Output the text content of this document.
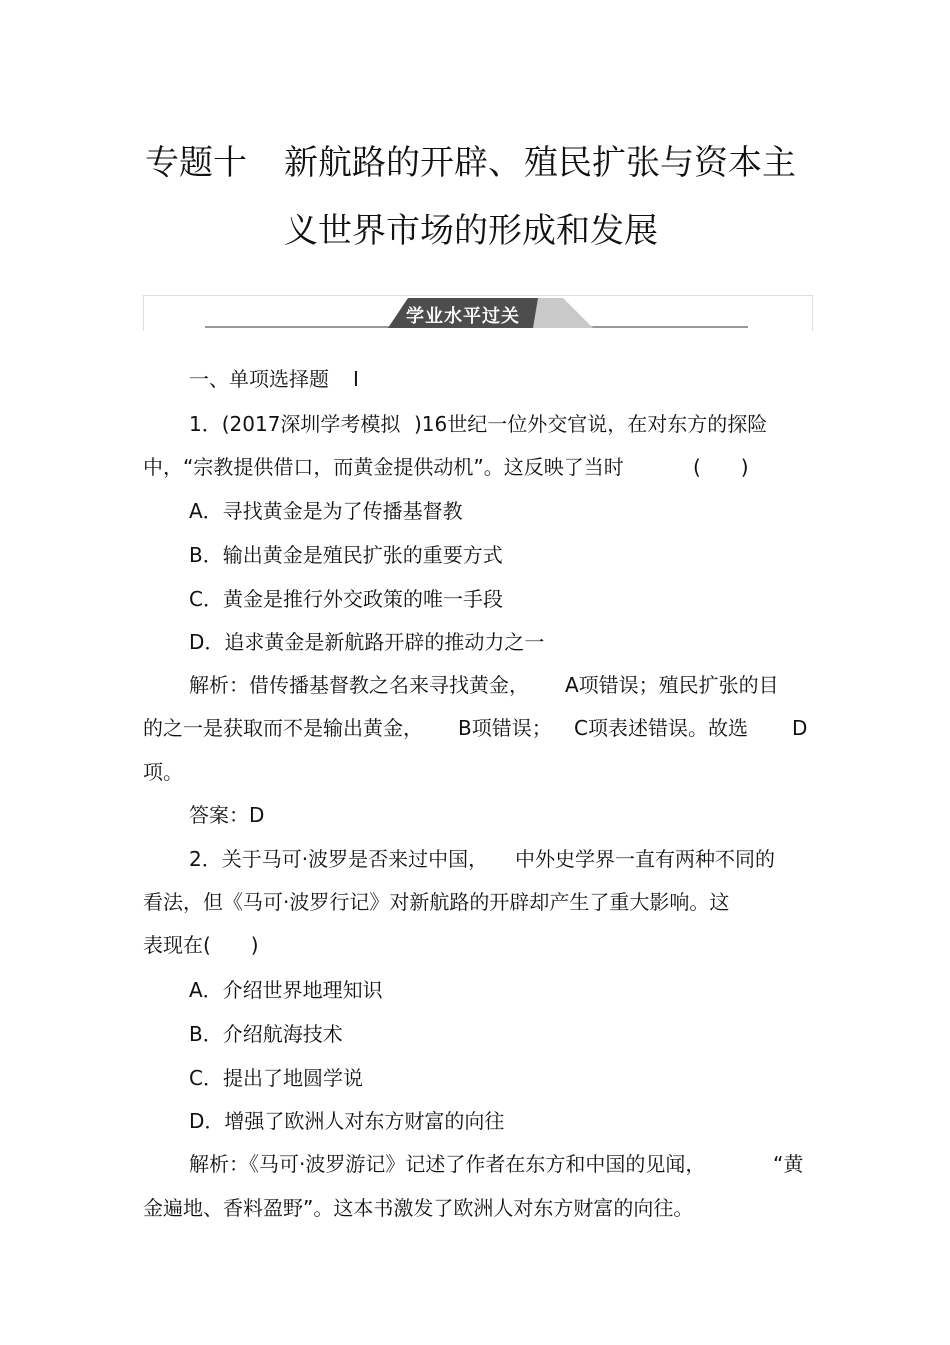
专题十 新航路的开辟、 殖民扩张与资本主
义世界市场的形成和发展
学业水平过关
一、单项选择题 Ⅰ
1．(2017深圳学考模拟 )16世纪一位外交官说，在对东方的探险
中，“宗教提供借口，而黄金提供动机”。这反映了当时	(　　)
A．寻找黄金是为了传播基督教
B．输出黄金是殖民扩张的重要方式
C．黄金是推行外交政策的唯一手段
D．追求黄金是新航路开辟的推动力之一
解析：借传播基督教之名来寻找黄金， A项错误；殖民扩张的目
的之一是获取而不是输出黄金， B项错误； C项表述错误。故选 D
项。
答案：D
2．关于马可·波罗是否来过中国， 中外史学界一直有两种不同的
看法，但《马可·波罗行记》对新航路的开辟却产生了重大影响。这
表现在(　　)
A．介绍世界地理知识
B．介绍航海技术
C．提出了地圆学说
D．增强了欧洲人对东方财富的向往
解析：《马可·波罗游记》记述了作者在东方和中国的见闻，	“黄
金遍地、香料盈野”。这本书激发了欧洲人对东方财富的向往。
